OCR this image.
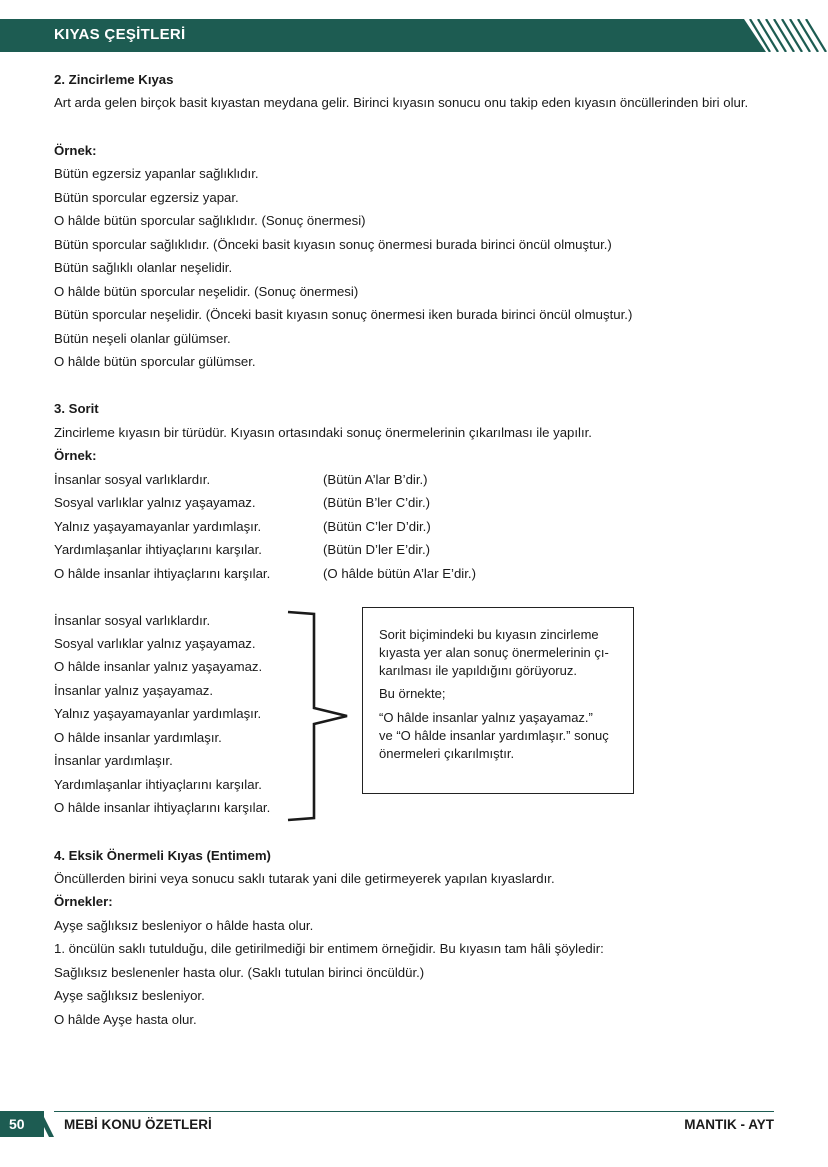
KIYAS ÇEŞİTLERİ
2. Zincirleme Kıyas
Art arda gelen birçok basit kıyastan meydana gelir. Birinci kıyasın sonucu onu takip eden kıyasın öncüllerinden biri olur.
Örnek:
Bütün egzersiz yapanlar sağlıklıdır.
Bütün sporcular egzersiz yapar.
O hâlde bütün sporcular sağlıklıdır. (Sonuç önermesi)
Bütün sporcular sağlıklıdır. (Önceki basit kıyasın sonuç önermesi burada birinci öncül olmuştur.)
Bütün sağlıklı olanlar neşelidir.
O hâlde bütün sporcular neşelidir. (Sonuç önermesi)
Bütün sporcular neşelidir. (Önceki basit kıyasın sonuç önermesi iken burada birinci öncül olmuştur.)
Bütün neşeli olanlar gülümser.
O hâlde bütün sporcular gülümser.
3. Sorit
Zincirleme kıyasın bir türüdür. Kıyasın ortasındaki sonuç önermelerinin çıkarılması ile yapılır.
Örnek:
İnsanlar sosyal varlıklardır.	(Bütün A’lar B’dir.)
Sosyal varlıklar yalnız yaşayamaz.	(Bütün B’ler C’dir.)
Yalnız yaşayamayanlar yardımlaşır.	(Bütün C’ler D’dir.)
Yardımlaşanlar ihtiyaçlarını karşılar.	(Bütün D’ler E’dir.)
O hâlde insanlar ihtiyaçlarını karşılar.	(O hâlde bütün A’lar E’dir.)
İnsanlar sosyal varlıklardır.
Sosyal varlıklar yalnız yaşayamaz.
O hâlde insanlar yalnız yaşayamaz.
İnsanlar yalnız yaşayamaz.
Yalnız yaşayamayanlar yardımlaşır.
O hâlde insanlar yardımlaşır.
İnsanlar yardımlaşır.
Yardımlaşanlar ihtiyaçlarını karşılar.
O hâlde insanlar ihtiyaçlarını karşılar.
Sorit biçimindeki bu kıyasın zincirleme
kıyasta yer alan sonuç önermelerinin çı-
karılması ile yapıldığını görüyoruz.
Bu örnekte;
“O hâlde insanlar yalnız yaşayamaz.”
ve “O hâlde insanlar yardımlaşır.” sonuç
önermeleri çıkarılmıştır.
4. Eksik Önermeli Kıyas (Entimem)
Öncüllerden birini veya sonucu saklı tutarak yani dile getirmeyerek yapılan kıyaslardır.
Örnekler:
Ayşe sağlıksız besleniyor o hâlde hasta olur.
1. öncülün saklı tutulduğu, dile getirilmediği bir entimem örneğidir. Bu kıyasın tam hâli şöyledir:
Sağlıksız beslenenler hasta olur. (Saklı tutulan birinci öncüldür.)
Ayşe sağlıksız besleniyor.
O hâlde Ayşe hasta olur.
50	MEBİ KONU ÖZETLERİ	MANTIK - AYT
